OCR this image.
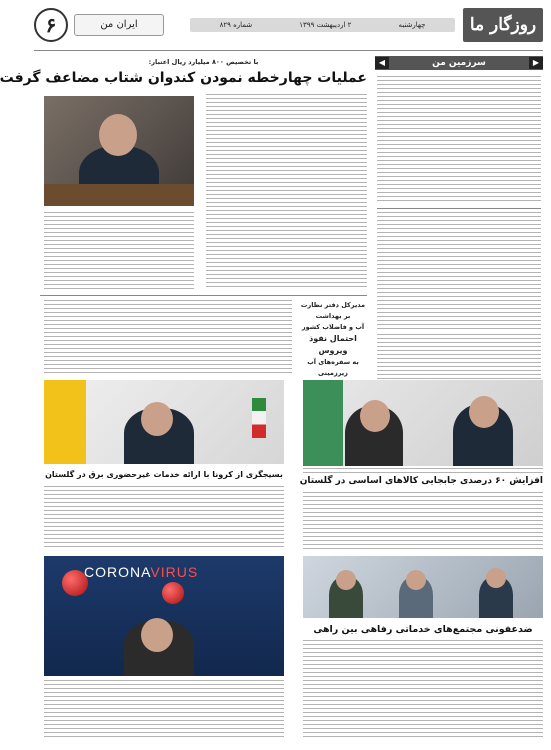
روزگار ما
چهارشنبه
۲ اردیبهشت ۱۳۹۹
شماره ۸۲۹
ایران من
۶
▶
سرزمین من
◀
با تخصیص ۸۰۰ میلیارد ریال اعتبار:
عملیات چهارخطه نمودن کندوان شتاب مضاعف گرفت
مدیرکل دفتر نظارت بر بهداشت
آب و فاضلاب کشور
احتمال نفوذ ویروس
به سفره‌های آب زیرزمینی
افزایش ۶۰ درصدی جابجایی کالاهای اساسی در گلستان
بسیجگری از کرونا با ارائه خدمات غیرحضوری برق در گلستان
CORONAVIRUS
ضدعفونی مجتمع‌های خدماتی رفاهی بین راهی
